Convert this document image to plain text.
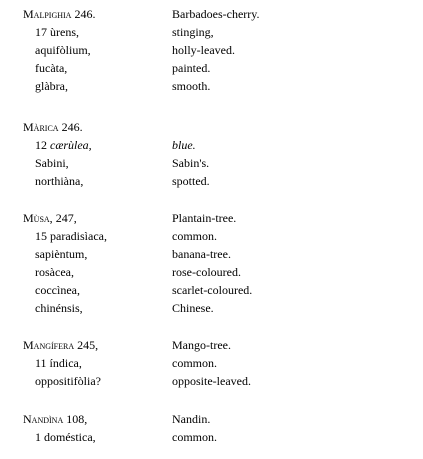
Malpighia 246.	Barbadoes-cherry.
17 ùrens,	stinging,
aquifòlium,	holly-leaved.
fucàta,	painted.
glàbra,	smooth.
Màrica 246.
12 cærùlea,	blue.
Sabini,	Sabin's.
northiàna,	spotted.
Mùsa, 247,	Plantain-tree.
15 paradisìaca,	common.
sapièntum,	banana-tree.
rosàcea,	rose-coloured.
coccìnea,	scarlet-coloured.
chinénsis,	Chinese.
Mangífera 245,	Mango-tree.
11 índica,	common.
oppositifòlia?	opposite-leaved.
Nandìna 108,	Nandin.
1 doméstica,	common.
